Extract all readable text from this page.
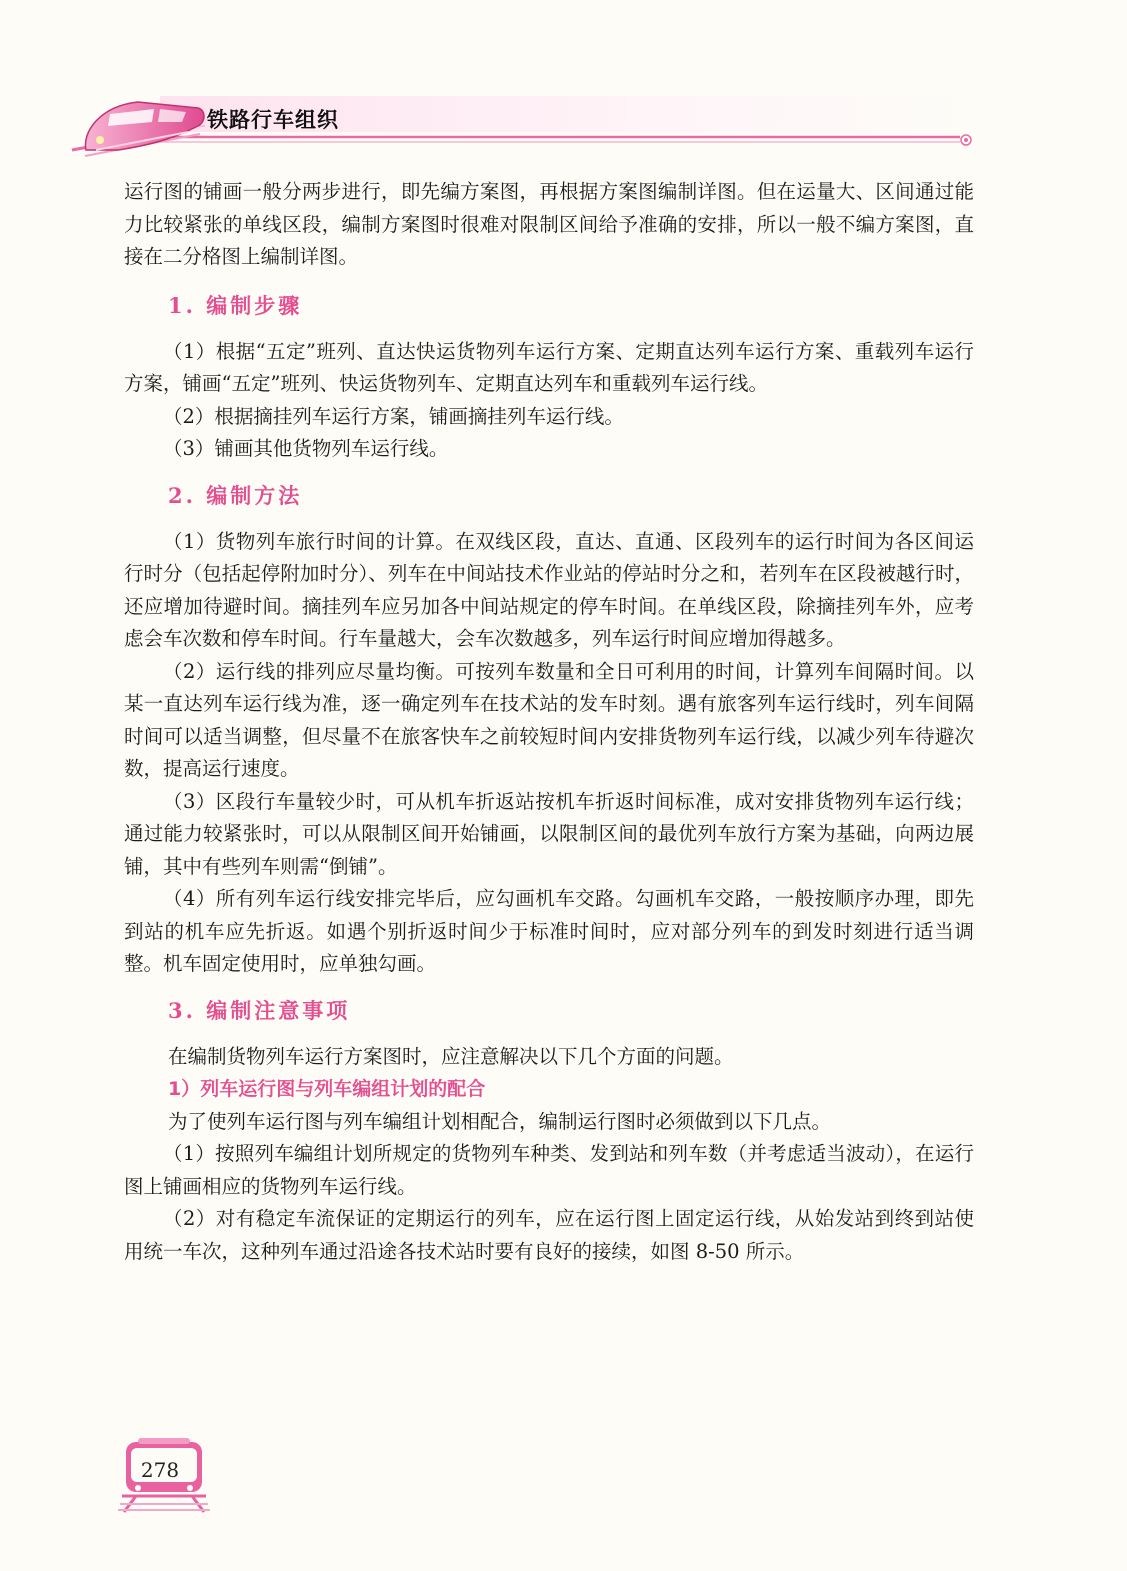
铁路行车组织

运行图的铺画一般分两步进行，即先编方案图，再根据方案图编制详图。但在运量大、区间通过能力比较紧张的单线区段，编制方案图时很难对限制区间给予准确的安排，所以一般不编方案图，直接在二分格图上编制详图。

1. 编制步骤

（1）根据“五定”班列、直达快运货物列车运行方案、定期直达列车运行方案、重载列车运行方案，铺画“五定”班列、快运货物列车、定期直达列车和重载列车运行线。

（2）根据摘挂列车运行方案，铺画摘挂列车运行线。

（3）铺画其他货物列车运行线。

2. 编制方法

（1）货物列车旅行时间的计算。在双线区段，直达、直通、区段列车的运行时间为各区间运行时分（包括起停附加时分）、列车在中间站技术作业站的停站时分之和，若列车在区段被越行时，还应增加待避时间。摘挂列车应另加各中间站规定的停车时间。在单线区段，除摘挂列车外，应考虑会车次数和停车时间。行车量越大，会车次数越多，列车运行时间应增加得越多。

（2）运行线的排列应尽量均衡。可按列车数量和全日可利用的时间，计算列车间隔时间。以某一直达列车运行线为准，逐一确定列车在技术站的发车时刻。遇有旅客列车运行线时，列车间隔时间可以适当调整，但尽量不在旅客快车之前较短时间内安排货物列车运行线，以减少列车待避次数，提高运行速度。

（3）区段行车量较少时，可从机车折返站按机车折返时间标准，成对安排货物列车运行线；通过能力较紧张时，可以从限制区间开始铺画，以限制区间的最优列车放行方案为基础，向两边展铺，其中有些列车则需“倒铺”。

（4）所有列车运行线安排完毕后，应勾画机车交路。勾画机车交路，一般按顺序办理，即先到站的机车应先折返。如遇个别折返时间少于标准时间时，应对部分列车的到发时刻进行适当调整。机车固定使用时，应单独勾画。

3. 编制注意事项

在编制货物列车运行方案图时，应注意解决以下几个方面的问题。

1）列车运行图与列车编组计划的配合

为了使列车运行图与列车编组计划相配合，编制运行图时必须做到以下几点。

（1）按照列车编组计划所规定的货物列车种类、发到站和列车数（并考虑适当波动），在运行图上铺画相应的货物列车运行线。

（2）对有稳定车流保证的定期运行的列车，应在运行图上固定运行线，从始发站到终到站使用统一车次，这种列车通过沿途各技术站时要有良好的接续，如图 8-50 所示。

278
